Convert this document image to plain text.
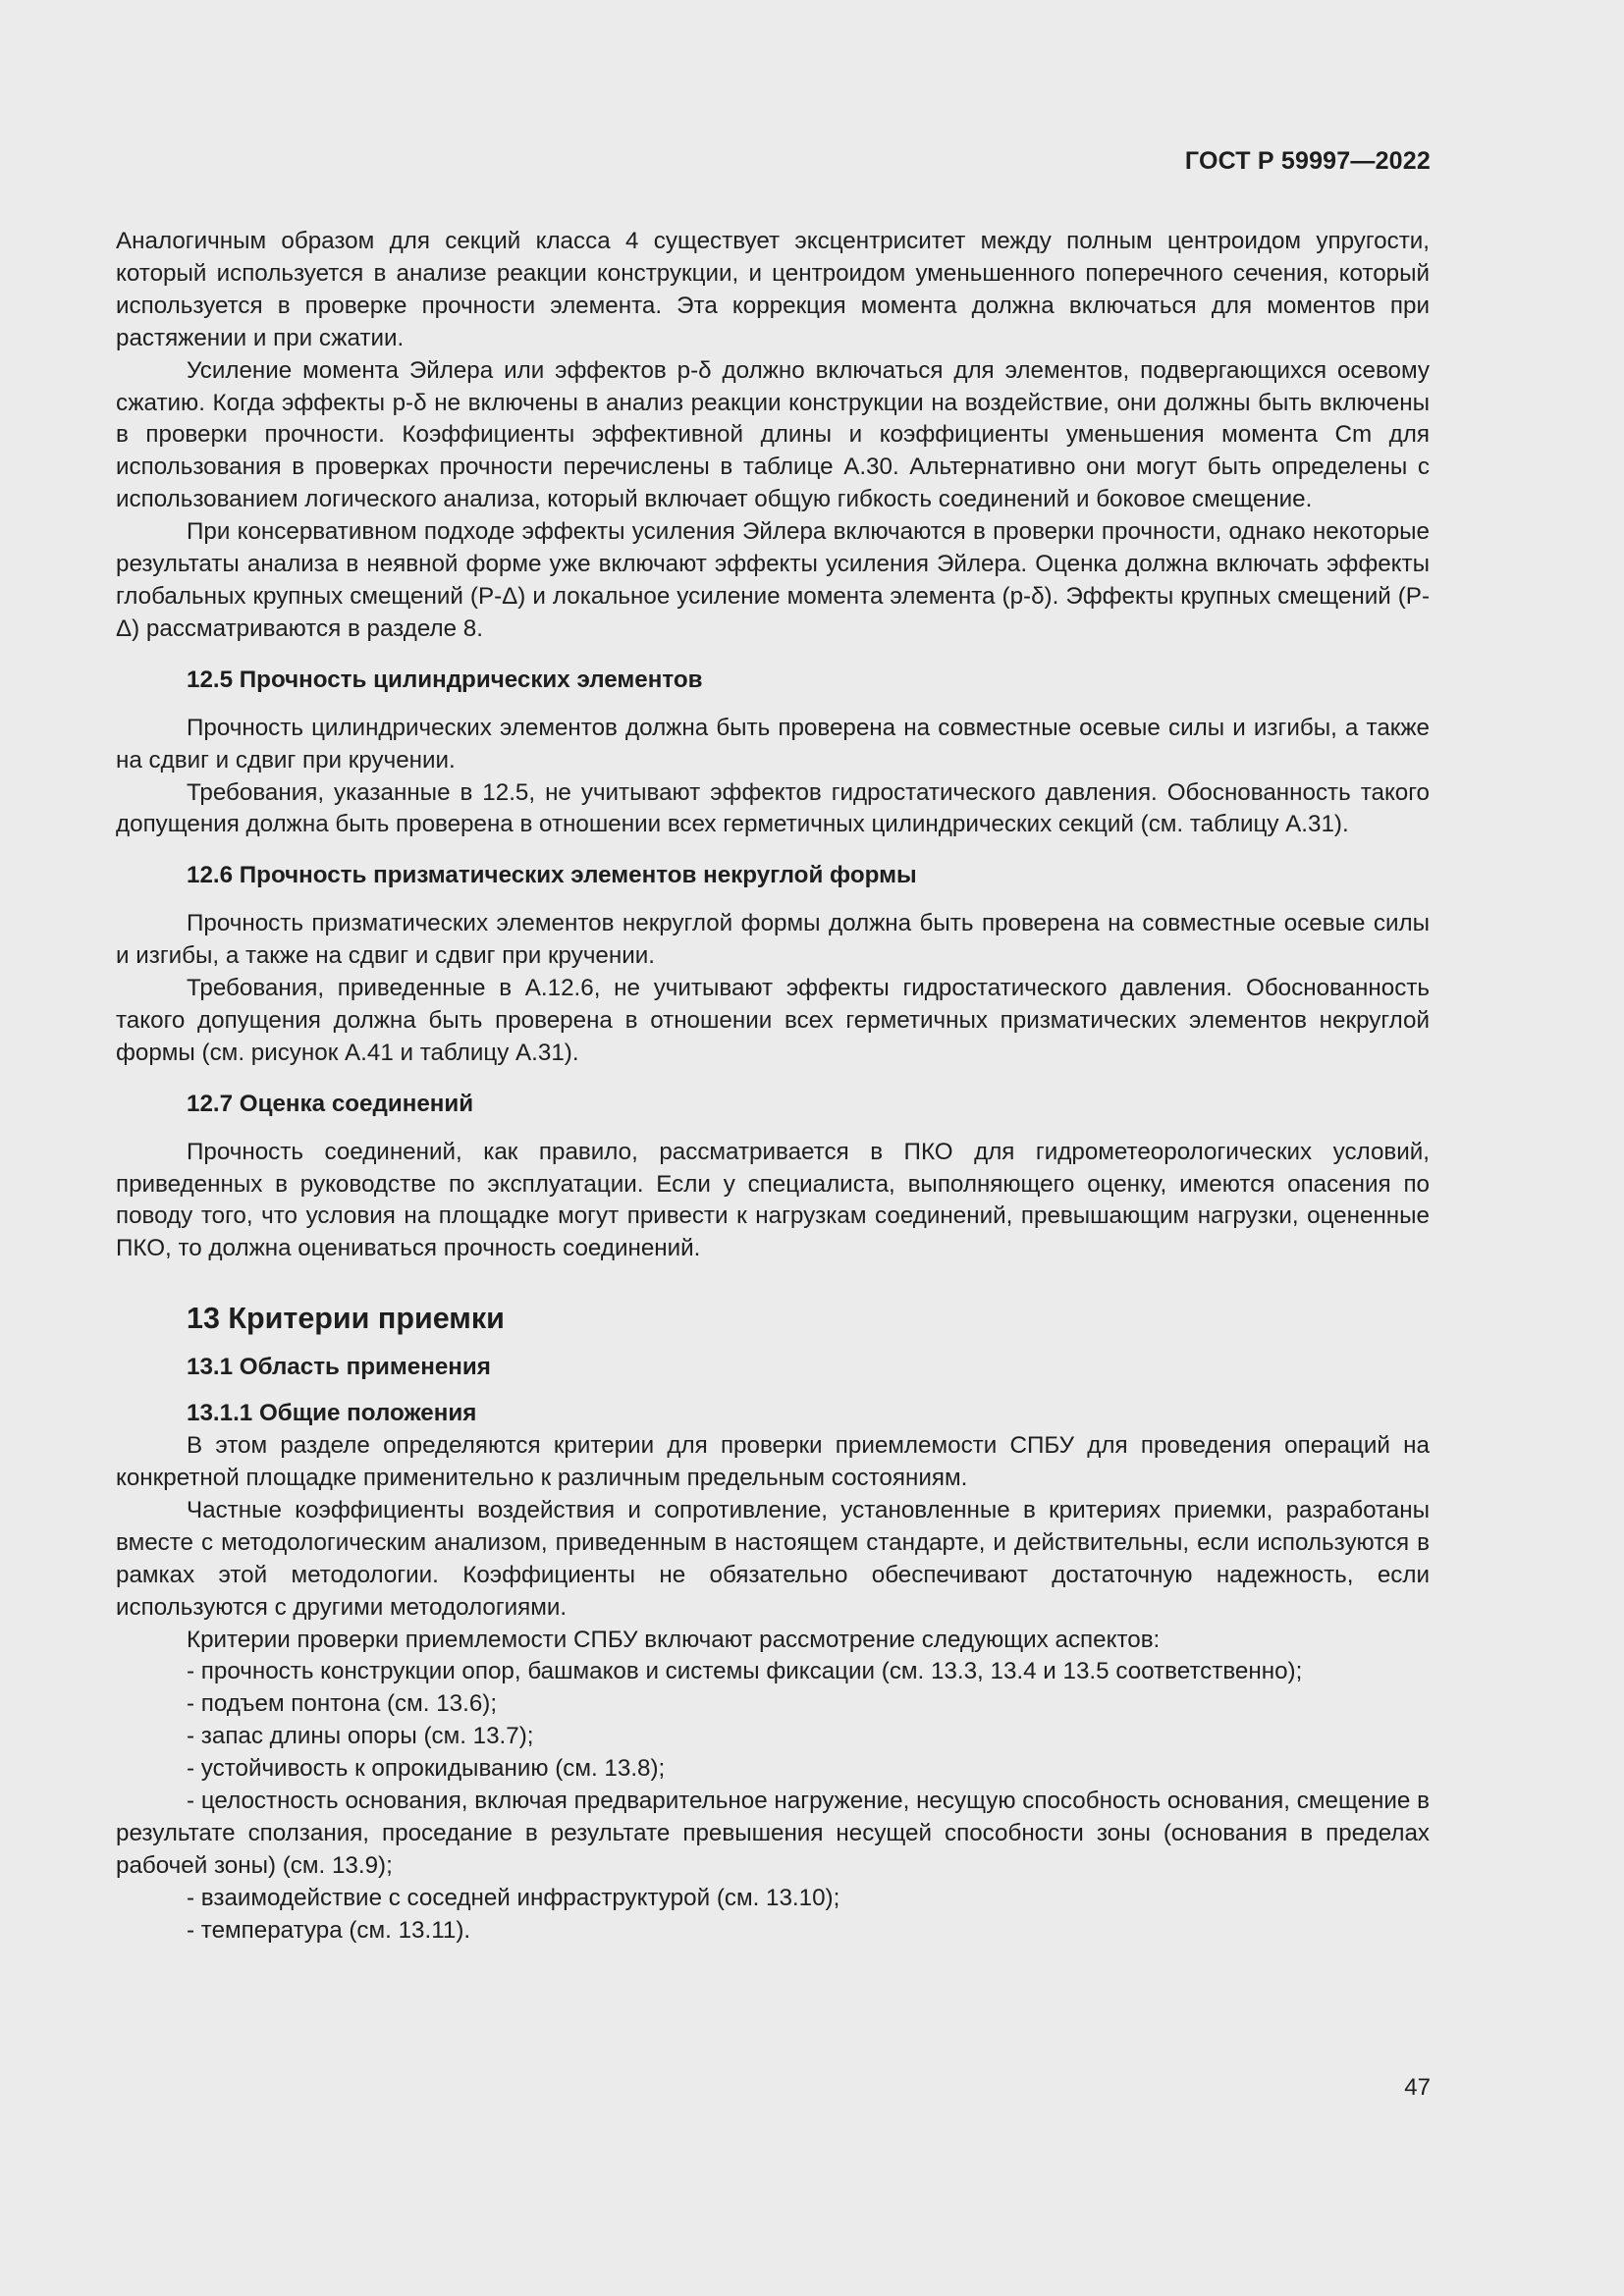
ГОСТ Р 59997—2022

Аналогичным образом для секций класса 4 существует эксцентриситет между полным центроидом упругости, который используется в анализе реакции конструкции, и центроидом уменьшенного поперечного сечения, который используется в проверке прочности элемента. Эта коррекция момента должна включаться для моментов при растяжении и при сжатии.

Усиление момента Эйлера или эффектов p-δ должно включаться для элементов, подвергающихся осевому сжатию. Когда эффекты p-δ не включены в анализ реакции конструкции на воздействие, они должны быть включены в проверки прочности. Коэффициенты эффективной длины и коэффициенты уменьшения момента Cm для использования в проверках прочности перечислены в таблице А.30. Альтернативно они могут быть определены с использованием логического анализа, который включает общую гибкость соединений и боковое смещение.

При консервативном подходе эффекты усиления Эйлера включаются в проверки прочности, однако некоторые результаты анализа в неявной форме уже включают эффекты усиления Эйлера. Оценка должна включать эффекты глобальных крупных смещений (P-Δ) и локальное усиление момента элемента (p-δ). Эффекты крупных смещений (P-Δ) рассматриваются в разделе 8.

12.5 Прочность цилиндрических элементов

Прочность цилиндрических элементов должна быть проверена на совместные осевые силы и изгибы, а также на сдвиг и сдвиг при кручении.

Требования, указанные в 12.5, не учитывают эффектов гидростатического давления. Обоснованность такого допущения должна быть проверена в отношении всех герметичных цилиндрических секций (см. таблицу А.31).

12.6 Прочность призматических элементов некруглой формы

Прочность призматических элементов некруглой формы должна быть проверена на совместные осевые силы и изгибы, а также на сдвиг и сдвиг при кручении.

Требования, приведенные в А.12.6, не учитывают эффекты гидростатического давления. Обоснованность такого допущения должна быть проверена в отношении всех герметичных призматических элементов некруглой формы (см. рисунок А.41 и таблицу А.31).

12.7 Оценка соединений

Прочность соединений, как правило, рассматривается в ПКО для гидрометеорологических условий, приведенных в руководстве по эксплуатации. Если у специалиста, выполняющего оценку, имеются опасения по поводу того, что условия на площадке могут привести к нагрузкам соединений, превышающим нагрузки, оцененные ПКО, то должна оцениваться прочность соединений.

13 Критерии приемки

13.1 Область применения

13.1.1 Общие положения

В этом разделе определяются критерии для проверки приемлемости СПБУ для проведения операций на конкретной площадке применительно к различным предельным состояниям.

Частные коэффициенты воздействия и сопротивление, установленные в критериях приемки, разработаны вместе с методологическим анализом, приведенным в настоящем стандарте, и действительны, если используются в рамках этой методологии. Коэффициенты не обязательно обеспечивают достаточную надежность, если используются с другими методологиями.

Критерии проверки приемлемости СПБУ включают рассмотрение следующих аспектов:

- прочность конструкции опор, башмаков и системы фиксации (см. 13.3, 13.4 и 13.5 соответственно);

- подъем понтона (см. 13.6);

- запас длины опоры (см. 13.7);

- устойчивость к опрокидыванию (см. 13.8);

- целостность основания, включая предварительное нагружение, несущую способность основания, смещение в результате сползания, проседание в результате превышения несущей способности зоны (основания в пределах рабочей зоны) (см. 13.9);

- взаимодействие с соседней инфраструктурой (см. 13.10);

- температура (см. 13.11).

47
